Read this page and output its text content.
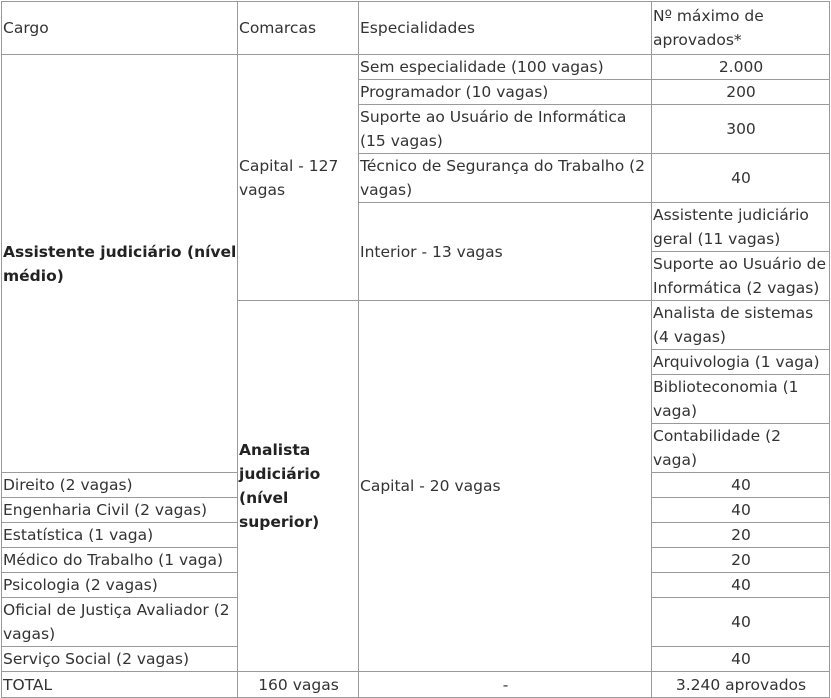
Cargo	Comarcas	Especialidades	Nº máximo de aprovados*	
Assistente judiciário (nível médio)	Capital - 127 vagas	Sem especialidade (100 vagas)	2.000	
		Programador (10 vagas)	200	
		Suporte ao Usuário de Informática (15 vagas)	300	
		Técnico de Segurança do Trabalho (2 vagas)	40	
		Interior - 13 vagas	Assistente judiciário geral (11 vagas)	
			Suporte ao Usuário de Informática (2 vagas)	
	Analista judiciário (nível superior)	Capital - 20 vagas	Analista de sistemas (4 vagas)	
			Arquivologia (1 vaga)	
			Biblioteconomia (1 vaga)	
			Contabilidade (2 vaga)	
Direito (2 vagas)			40	
Engenharia Civil (2 vagas)			40	
Estatística (1 vaga)			20	
Médico do Trabalho (1 vaga)			20	
Psicologia (2 vagas)			40	
Oficial de Justiça Avaliador (2 vagas)			40	
Serviço Social (2 vagas)			40	
TOTAL	160 vagas	-	3.240 aprovados	
